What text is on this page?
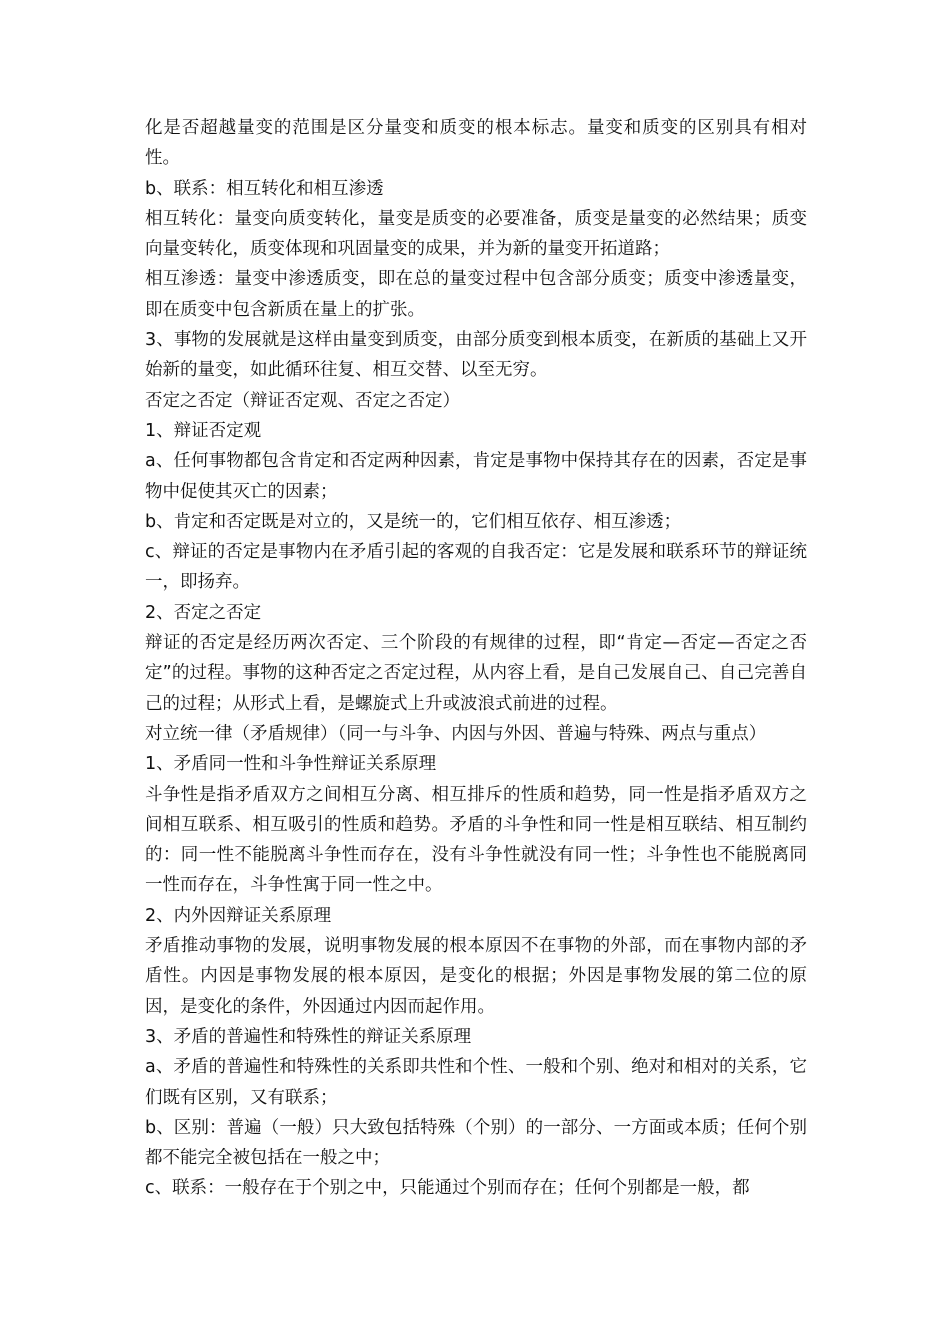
化是否超越量变的范围是区分量变和质变的根本标志。量变和质变的区别具有相对性。

b、联系：相互转化和相互渗透

相互转化：量变向质变转化，量变是质变的必要准备，质变是量变的必然结果；质变向量变转化，质变体现和巩固量变的成果，并为新的量变开拓道路；

相互渗透：量变中渗透质变，即在总的量变过程中包含部分质变；质变中渗透量变，即在质变中包含新质在量上的扩张。

3、事物的发展就是这样由量变到质变，由部分质变到根本质变，在新质的基础上又开始新的量变，如此循环往复、相互交替、以至无穷。

否定之否定（辩证否定观、否定之否定）

1、辩证否定观

a、任何事物都包含肯定和否定两种因素，肯定是事物中保持其存在的因素，否定是事物中促使其灭亡的因素；

b、肯定和否定既是对立的，又是统一的，它们相互依存、相互渗透；

c、辩证的否定是事物内在矛盾引起的客观的自我否定：它是发展和联系环节的辩证统一，即扬弃。

2、否定之否定

辩证的否定是经历两次否定、三个阶段的有规律的过程，即“肯定—否定—否定之否定”的过程。事物的这种否定之否定过程，从内容上看，是自己发展自己、自己完善自己的过程；从形式上看，是螺旋式上升或波浪式前进的过程。

对立统一律（矛盾规律）（同一与斗争、内因与外因、普遍与特殊、两点与重点）

1、矛盾同一性和斗争性辩证关系原理

斗争性是指矛盾双方之间相互分离、相互排斥的性质和趋势，同一性是指矛盾双方之间相互联系、相互吸引的性质和趋势。矛盾的斗争性和同一性是相互联结、相互制约的：同一性不能脱离斗争性而存在，没有斗争性就没有同一性；斗争性也不能脱离同一性而存在，斗争性寓于同一性之中。

2、内外因辩证关系原理

矛盾推动事物的发展，说明事物发展的根本原因不在事物的外部，而在事物内部的矛盾性。内因是事物发展的根本原因，是变化的根据；外因是事物发展的第二位的原因，是变化的条件，外因通过内因而起作用。

3、矛盾的普遍性和特殊性的辩证关系原理

a、矛盾的普遍性和特殊性的关系即共性和个性、一般和个别、绝对和相对的关系，它们既有区别，又有联系；

b、区别：普遍（一般）只大致包括特殊（个别）的一部分、一方面或本质；任何个别都不能完全被包括在一般之中；

c、联系：一般存在于个别之中，只能通过个别而存在；任何个别都是一般，都
